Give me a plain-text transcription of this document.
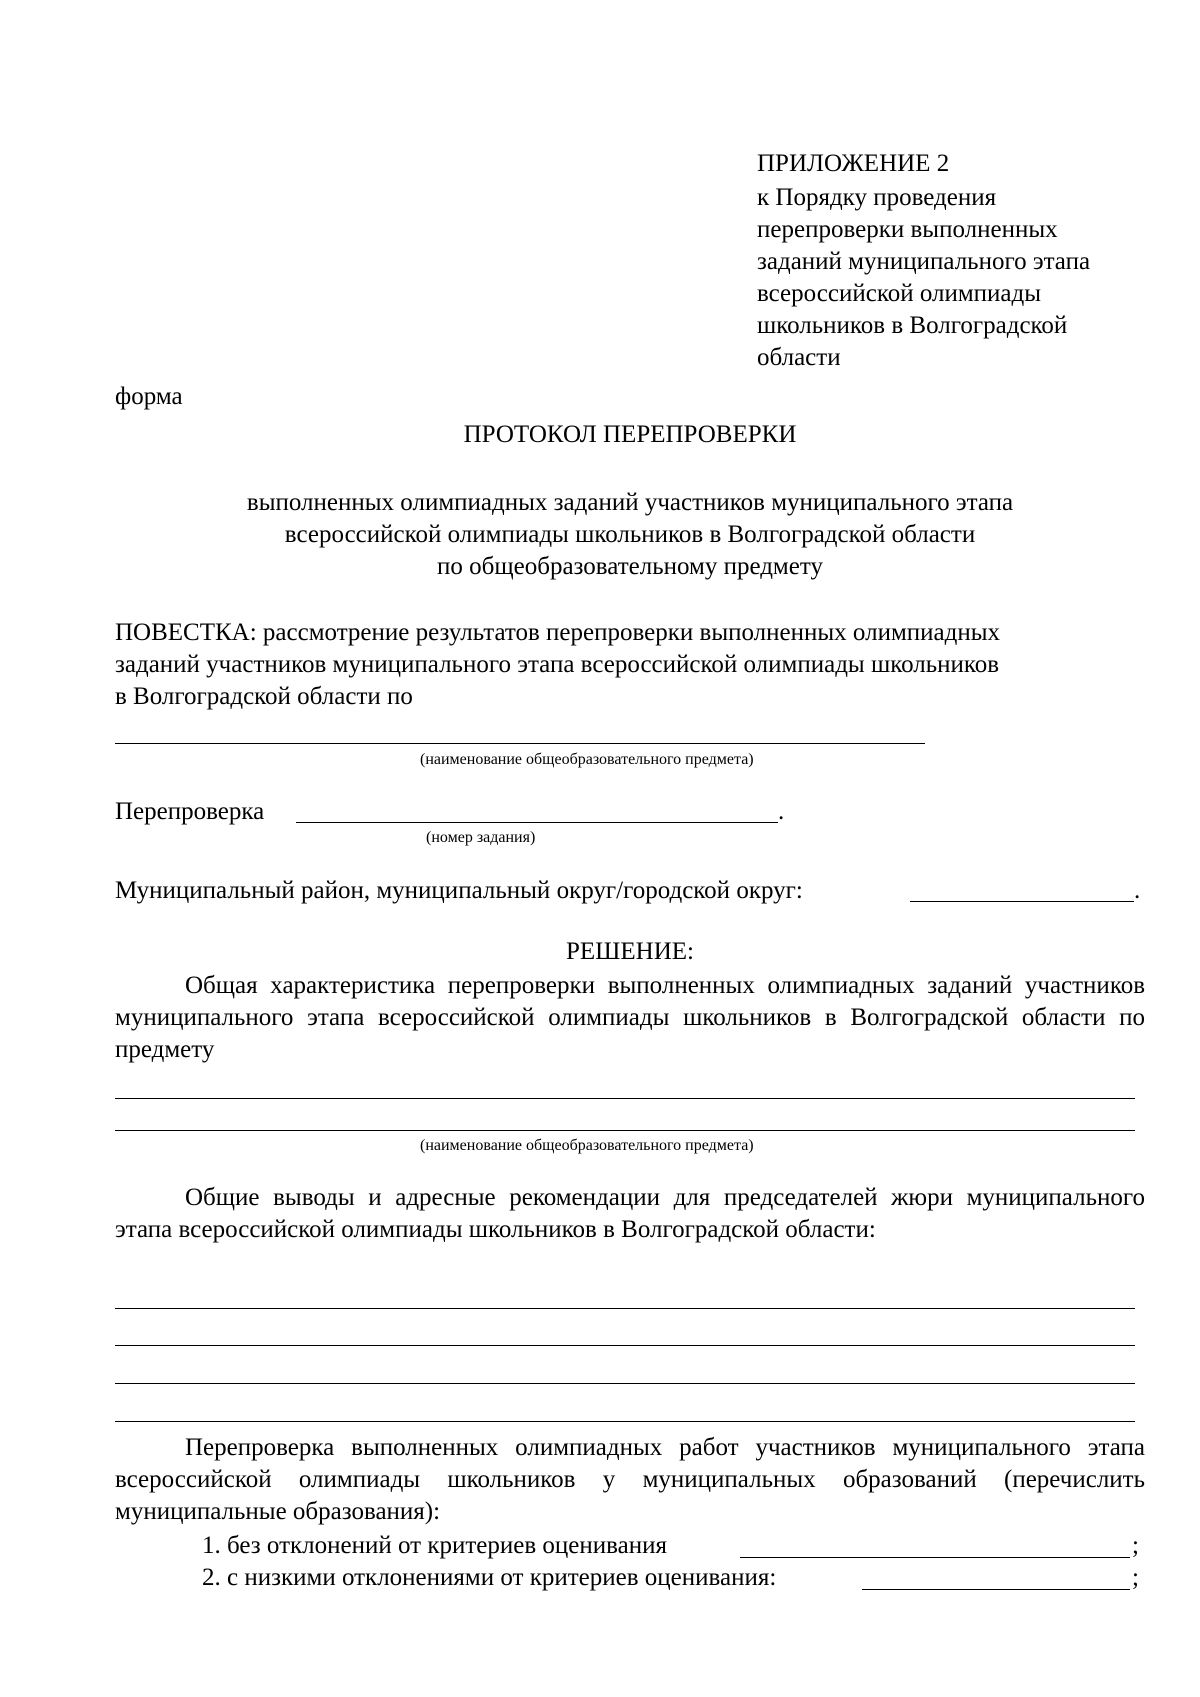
ПРИЛОЖЕНИЕ 2
к Порядку проведения
перепроверки выполненных
заданий муниципального этапа
всероссийской олимпиады
школьников в Волгоградской
области
форма
ПРОТОКОЛ ПЕРЕПРОВЕРКИ
выполненных олимпиадных заданий участников муниципального этапа
всероссийской олимпиады школьников в Волгоградской области
по общеобразовательному предмету
ПОВЕСТКА: рассмотрение результатов перепроверки выполненных олимпиадных
заданий участников муниципального этапа всероссийской олимпиады школьников
в Волгоградской области по
(наименование общеобразовательного предмета)
Перепроверка	.
(номер задания)
Муниципальный район, муниципальный округ/городской округ:	.
РЕШЕНИЕ:
Общая характеристика перепроверки выполненных олимпиадных заданий участников муниципального этапа всероссийской олимпиады школьников в Волгоградской области по предмету
(наименование общеобразовательного предмета)
Общие выводы и адресные рекомендации для председателей жюри муниципального этапа всероссийской олимпиады школьников в Волгоградской области:
Перепроверка выполненных олимпиадных работ участников муниципального этапа всероссийской олимпиады школьников у муниципальных образований (перечислить муниципальные образования):
1. без отклонений от критериев оценивания	;
2. с низкими отклонениями от критериев оценивания:	;
